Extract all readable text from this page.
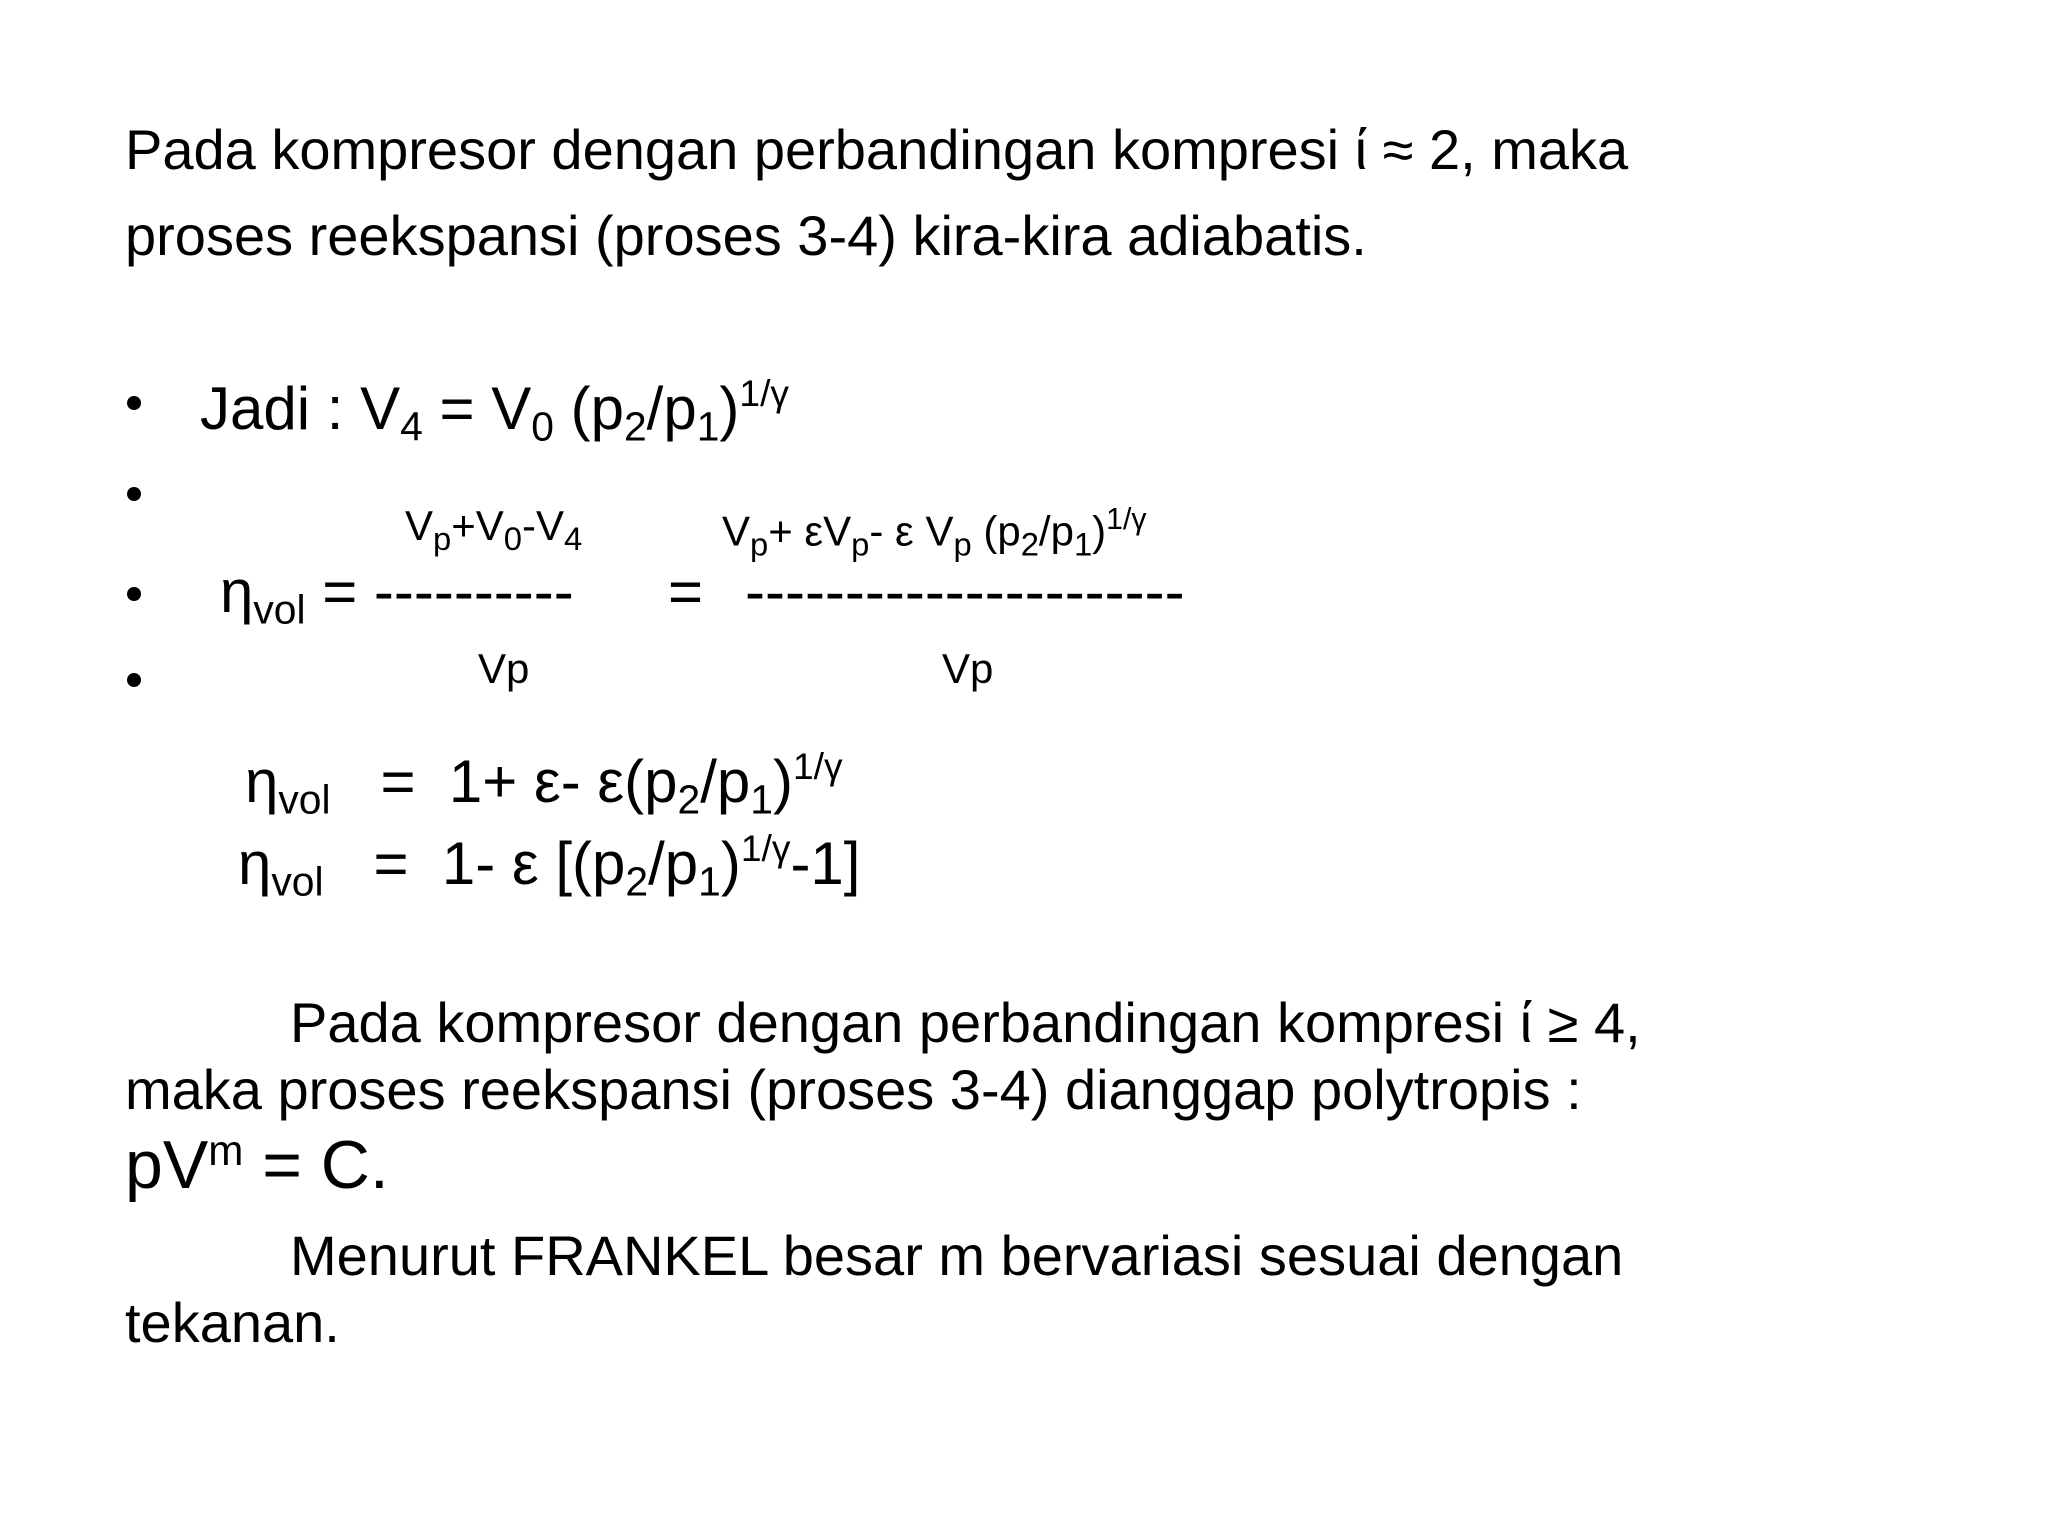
Pada kompresor dengan perbandingan kompresi ί ≈ 2, maka
proses reekspansi (proses 3-4) kira-kira adiabatis.
Jadi : $V_4 = V_0$ $(p_2/p_1)^{1/\gamma}$
$V_p+V_0-V_4$	$V_p+ \varepsilon V_p-$ ε $V_p$ $(p_2/p_1)^{1/\gamma}$
$\eta_{vol}$ = ---------- = ----------------------
Vp	Vp
$\eta_{vol} = 1+ \varepsilon-$ $\varepsilon(p_2/p_1)^{1/\gamma}$
$\eta_{vol} = 1-$ ε $[(p_2/p_1)^{1/\gamma}-1]$
Pada kompresor dengan perbandingan kompresi ί ≥ 4,
maka proses reekspansi (proses 3-4) dianggap polytropis :
$pV^m = C$.
Menurut FRANKEL besar m bervariasi sesuai dengan
tekanan.
